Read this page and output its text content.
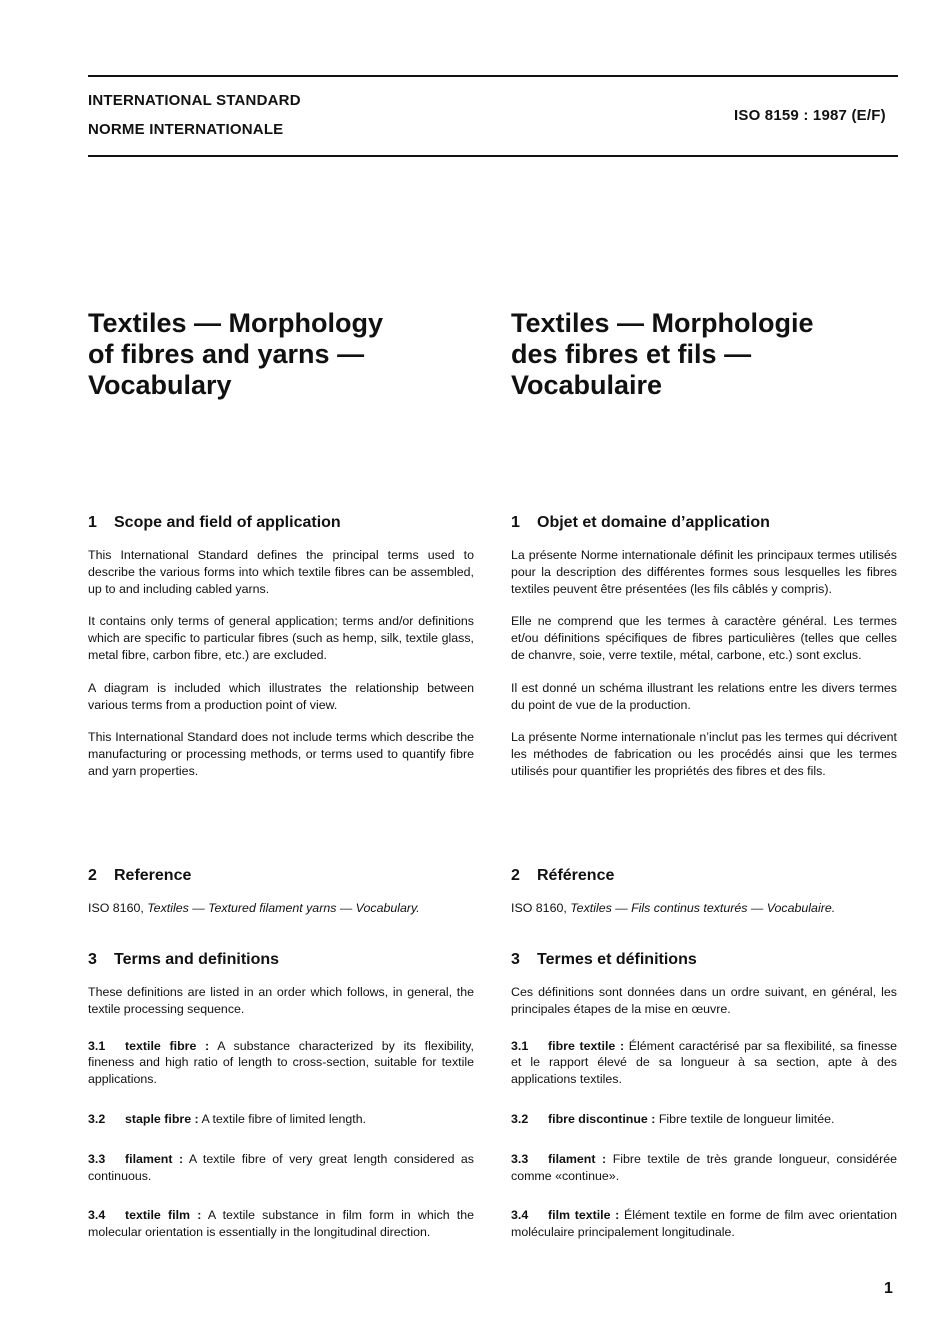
INTERNATIONAL STANDARD
NORME INTERNATIONALE
ISO 8159 : 1987 (E/F)
Textiles — Morphology
of fibres and yarns —
Vocabulary
Textiles — Morphologie
des fibres et fils —
Vocabulaire
1 Scope and field of application

This International Standard defines the principal terms used to describe the various forms into which textile fibres can be assembled, up to and including cabled yarns.

It contains only terms of general application; terms and/or definitions which are specific to particular fibres (such as hemp, silk, textile glass, metal fibre, carbon fibre, etc.) are excluded.

A diagram is included which illustrates the relationship between various terms from a production point of view.

This International Standard does not include terms which describe the manufacturing or processing methods, or terms used to quantify fibre and yarn properties.

1 Objet et domaine d’application

La présente Norme internationale définit les principaux termes utilisés pour la description des différentes formes sous lesquelles les fibres textiles peuvent être présentées (les fils câblés y compris).

Elle ne comprend que les termes à caractère général. Les termes et/ou définitions spécifiques de fibres particulières (telles que celles de chanvre, soie, verre textile, métal, carbone, etc.) sont exclus.

Il est donné un schéma illustrant les relations entre les divers termes du point de vue de la production.

La présente Norme internationale n’inclut pas les termes qui décrivent les méthodes de fabrication ou les procédés ainsi que les termes utilisés pour quantifier les propriétés des fibres et des fils.

2 Reference

ISO 8160, Textiles — Textured filament yarns — Vocabulary.

2 Référence

ISO 8160, Textiles — Fils continus texturés — Vocabulaire.

3 Terms and definitions

These definitions are listed in an order which follows, in general, the textile processing sequence.

3.1 textile fibre : A substance characterized by its flexibility, fineness and high ratio of length to cross-section, suitable for textile applications.

3.2 staple fibre : A textile fibre of limited length.

3.3 filament : A textile fibre of very great length considered as continuous.

3.4 textile film : A textile substance in film form in which the molecular orientation is essentially in the longitudinal direction.

3 Termes et définitions

Ces définitions sont données dans un ordre suivant, en général, les principales étapes de la mise en œuvre.

3.1 fibre textile : Élément caractérisé par sa flexibilité, sa finesse et le rapport élevé de sa longueur à sa section, apte à des applications textiles.

3.2 fibre discontinue : Fibre textile de longueur limitée.

3.3 filament : Fibre textile de très grande longueur, considérée comme «continue».

3.4 film textile : Élément textile en forme de film avec orientation moléculaire principalement longitudinale.

1
